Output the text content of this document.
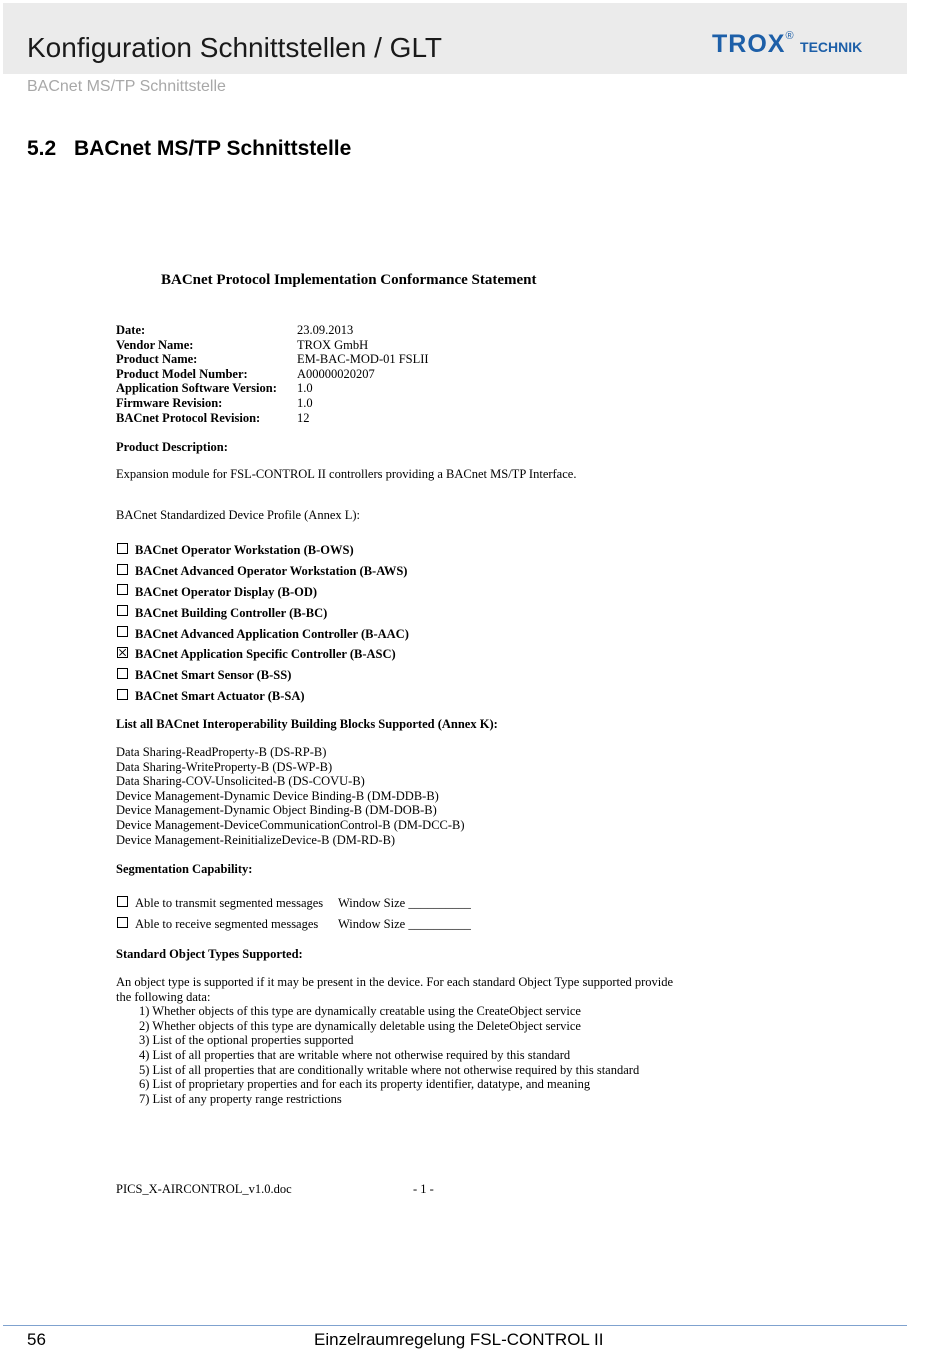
Konfiguration Schnittstellen / GLT
BACnet MS/TP Schnittstelle
TROX® TECHNIK
5.2 BACnet MS/TP Schnittstelle
BACnet Protocol Implementation Conformance Statement
Date:	23.09.2013
Vendor Name:	TROX GmbH
Product Name:	EM-BAC-MOD-01 FSLII
Product Model Number:	A00000020207
Application Software Version: 1.0
Firmware Revision:	1.0
BACnet Protocol Revision:	12
Product Description:
Expansion module for FSL-CONTROL II controllers providing a BACnet MS/TP Interface.
BACnet Standardized Device Profile (Annex L):
BACnet Operator Workstation (B-OWS)
BACnet Advanced Operator Workstation (B-AWS)
BACnet Operator Display (B-OD)
BACnet Building Controller (B-BC)
BACnet Advanced Application Controller (B-AAC)
BACnet Application Specific Controller (B-ASC)
BACnet Smart Sensor (B-SS)
BACnet Smart Actuator (B-SA)
List all BACnet Interoperability Building Blocks Supported (Annex K):
Data Sharing-ReadProperty-B (DS-RP-B)
Data Sharing-WriteProperty-B (DS-WP-B)
Data Sharing-COV-Unsolicited-B (DS-COVU-B)
Device Management-Dynamic Device Binding-B (DM-DDB-B)
Device Management-Dynamic Object Binding-B (DM-DOB-B)
Device Management-DeviceCommunicationControl-B (DM-DCC-B)
Device Management-ReinitializeDevice-B (DM-RD-B)
Segmentation Capability:
Able to transmit segmented messages Window Size __________
Able to receive segmented messages Window Size __________
Standard Object Types Supported:
An object type is supported if it may be present in the device. For each standard Object Type supported provide
the following data:
1) Whether objects of this type are dynamically creatable using the CreateObject service
2) Whether objects of this type are dynamically deletable using the DeleteObject service
3) List of the optional properties supported
4) List of all properties that are writable where not otherwise required by this standard
5) List of all properties that are conditionally writable where not otherwise required by this standard
6) List of proprietary properties and for each its property identifier, datatype, and meaning
7) List of any property range restrictions
PICS_X-AIRCONTROL_v1.0.doc	- 1 -
56	Einzelraumregelung FSL-CONTROL II
